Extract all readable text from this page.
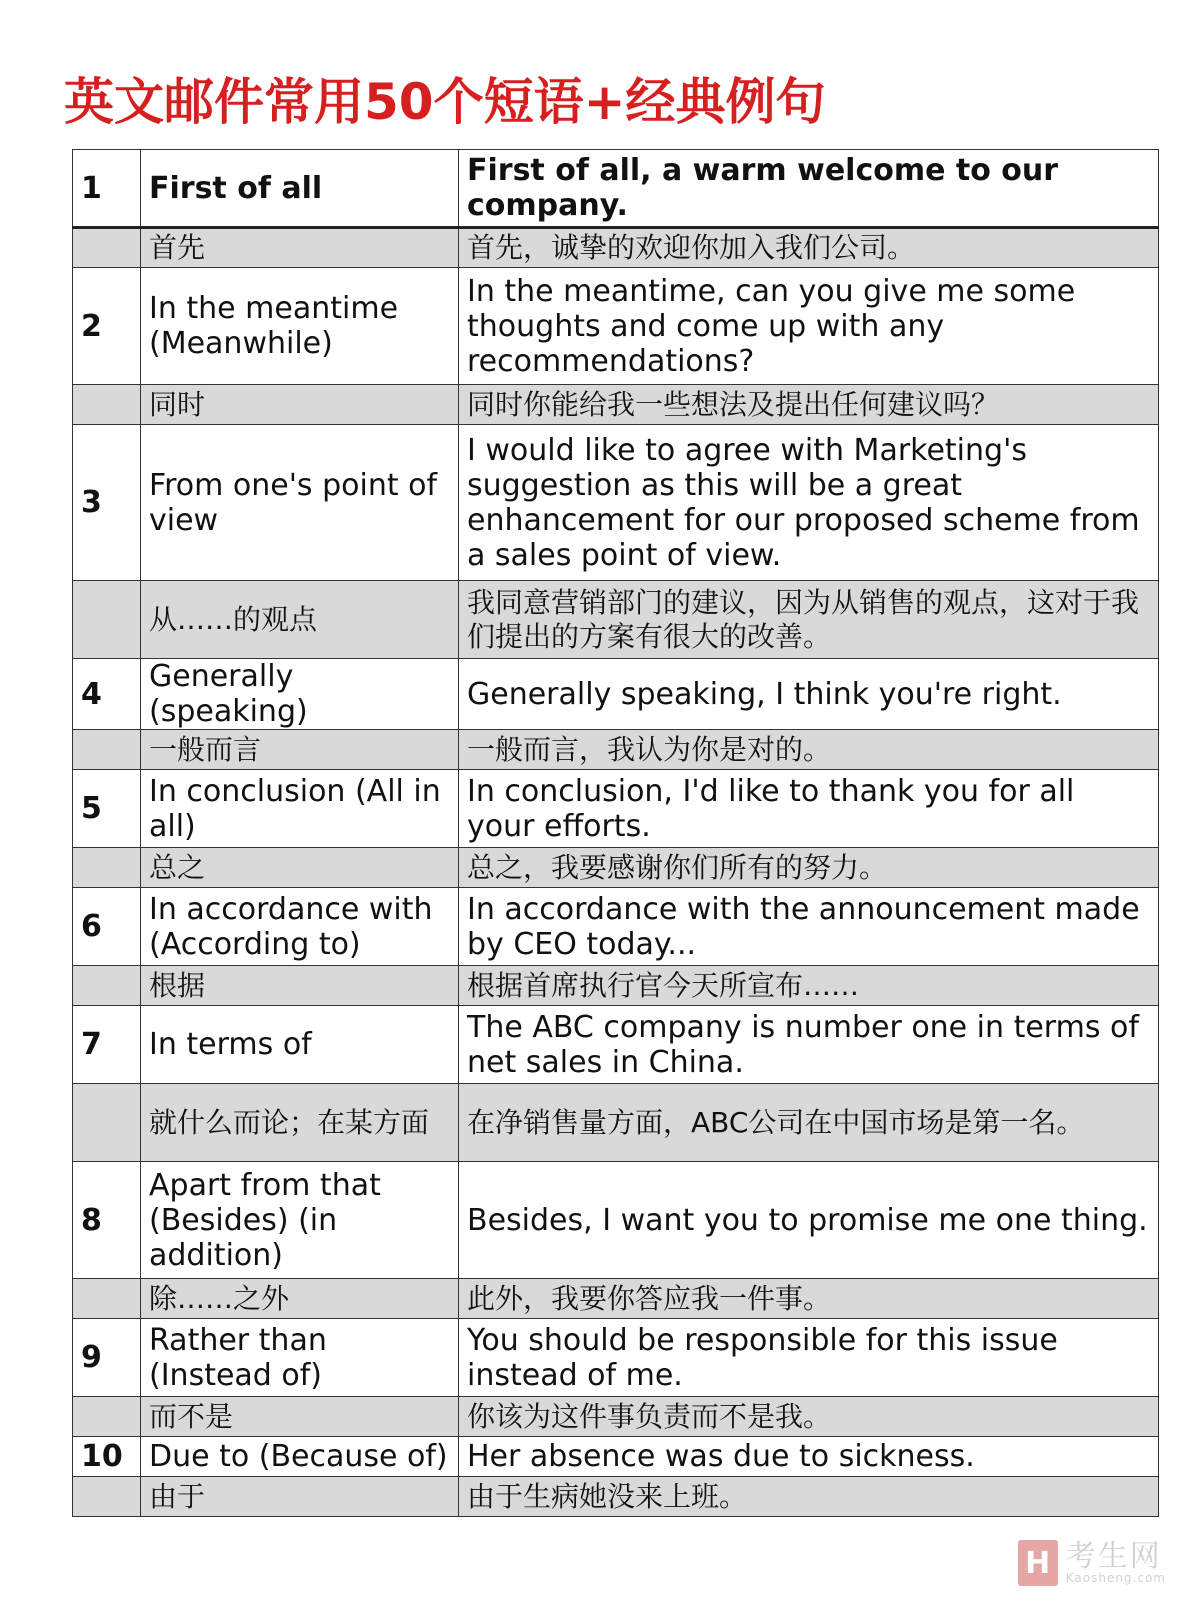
英文邮件常用50个短语+经典例句
1	First of all	First of all, a warm welcome to our company.
	首先	首先，诚挚的欢迎你加入我们公司。
2	In the meantime (Meanwhile)	In the meantime, can you give me some thoughts and come up with any recommendations?
	同时	同时你能给我一些想法及提出任何建议吗？
3	From one's point of view	I would like to agree with Marketing's suggestion as this will be a great enhancement for our proposed scheme from a sales point of view.
	从……的观点	我同意营销部门的建议，因为从销售的观点，这对于我们提出的方案有很大的改善。
4	Generally (speaking)	Generally speaking, I think you're right.
	一般而言	一般而言，我认为你是对的。
5	In conclusion (All in all)	In conclusion, I'd like to thank you for all your efforts.
	总之	总之，我要感谢你们所有的努力。
6	In accordance with (According to)	In accordance with the announcement made by CEO today...
	根据	根据首席执行官今天所宣布……
7	In terms of	The ABC company is number one in terms of net sales in China.
	就什么而论；在某方面	在净销售量方面，ABC公司在中国市场是第一名。
8	Apart from that (Besides) (in addition)	Besides, I want you to promise me one thing.
	除……之外	此外，我要你答应我一件事。
9	Rather than (Instead of)	You should be responsible for this issue instead of me.
	而不是	你该为这件事负责而不是我。
10	Due to (Because of)	Her absence was due to sickness.
	由于	由于生病她没来上班。
H 考生网
Kaosheng.com
